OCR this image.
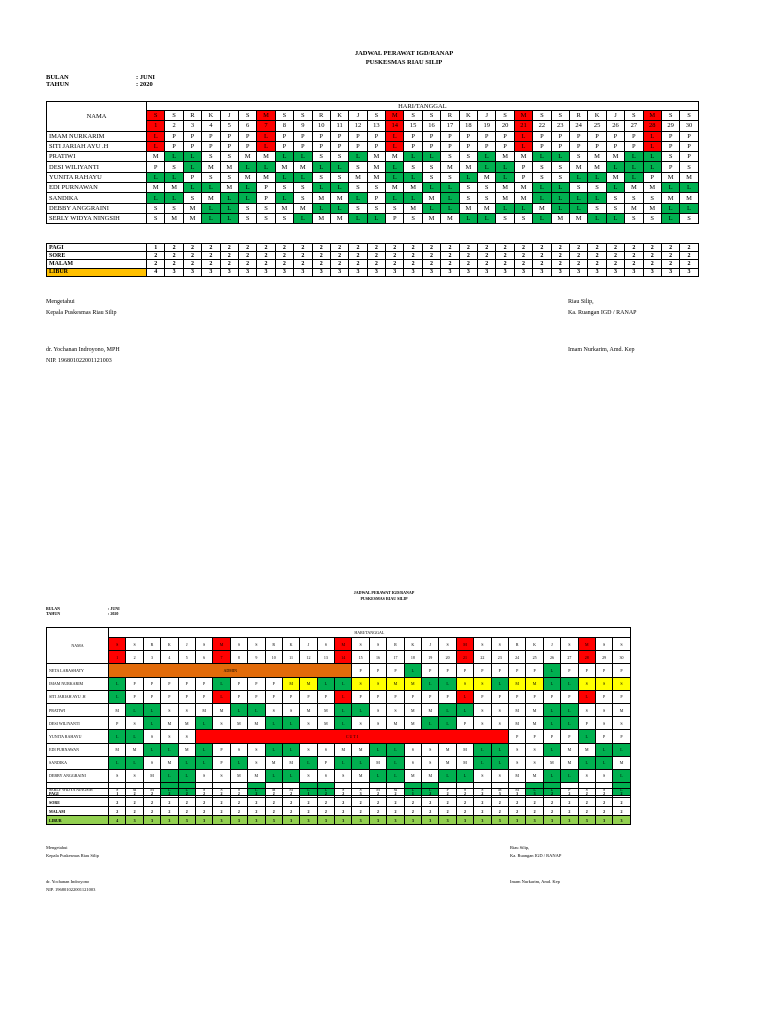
JADWAL PERAWAT IGD/RANAP
PUSKESMAS RIAU SILIP
BULAN	: JUNI
TAHUN	: 2020
NAMA	HARI/TANGGAL																													
	S	S	R	K	J	S	M	S	S	R	K	J	S	M	S	S	R	K	J	S	M	S	S	R	K	J	S	M	S	S
	1	2	3	4	5	6	7	8	9	10	11	12	13	14	15	16	17	18	19	20	21	22	23	24	25	26	27	28	29	30
IMAM NURKARIM	L	P	P	P	P	P	L	P	P	P	P	P	P	L	P	P	P	P	P	P	L	P	P	P	P	P	P	L	P	P
SITI JARIAH AYU .H	L	P	P	P	P	P	L	P	P	P	P	P	P	L	P	P	P	P	P	P	L	P	P	P	P	P	P	L	P	P
PRATIWI	M	L	L	S	S	M	M	L	L	S	S	L	M	M	L	L	S	S	L	M	M	L	L	S	M	M	L	L	S	P
DESI WILIYANTI	P	S	L	M	M	L	L	M	M	L	L	S	M	L	S	S	M	M	L	L	P	S	S	M	M	L	L	L	P	S
YUNITA RAHAYU	L	L	P	S	S	M	M	L	L	S	S	M	M	L	L	S	S	L	M	L	P	S	S	L	L	M	L	P	M	M
EDI PURNAWAN	M	M	L	L	M	L	P	S	S	L	L	S	S	M	M	L	L	S	S	M	M	L	L	S	S	L	M	M	L	L
SANDIKA	L	L	S	M	L	L	P	L	S	M	M	L	P	L	L	M	L	S	S	M	M	L	L	L	L	S	S	S	M	M
DEBBY ANGGRAINI	S	S	M	L	L	S	S	M	M	L	L	S	S	S	M	L	L	M	M	L	L	M	L	L	S	S	M	M	L	L
SERLY WIDYA NINGSIH	S	M	M	L	L	S	S	S	L	M	M	L	L	P	S	M	M	L	L	S	S	L	M	M	L	L	S	S	L	S
PAGI	1	2	2	2	2	2	2	2	2	2	2	2	2	2	2	2	2	2	2	2	2	2	2	2	2	2	2	2	2	2
SORE	2	2	2	2	2	2	2	2	2	2	2	2	2	2	2	2	2	2	2	2	2	2	2	2	2	2	2	2	2	2
MALAM	2	2	2	2	2	2	2	2	2	2	2	2	2	2	2	2	2	2	2	2	2	2	2	2	2	2	2	2	2	2
LIBUR	4	3	3	3	3	3	3	3	3	3	3	3	3	3	3	3	3	3	3	3	3	3	3	3	3	3	3	3	3	3
Mengetahui
Kepala Puskesmas Riau Silip
dr. Yochanan Indroyono, MPH
NIP. 196801022001121003
Riau Silip,
Ka. Ruangan IGD / RANAP
Imam Nurkarim, Amd. Kep
JADWAL PERAWAT IGD/RANAP
PUSKESMAS RIAU SILIP
BULAN	: JUNI
TAHUN	: 2020
NAMA	HARI/TANGGAL																													
	S	S	R	K	J	S	M	S	S	R	K	J	S	M	S	S	R	K	J	S	M	S	S	R	K	J	S	M	S	S
	1	2	3	4	5	6	7	8	9	10	11	12	13	14	15	16	17	18	19	20	21	22	23	24	25	26	27	28	29	30
NETA LARASHATY	ADMIN														P	P	P	L	P	P	P	P	P	P	P	L	P	P	P	P
IMAM NURKARIM	L	P	P	P	P	P	L	P	P	P	M	M	L	L	S	S	M	M	L	L	S	S	L	M	M	L	L	S	S	S
SITI JARIAH AYU .H	L	P	P	P	P	P	L	P	P	P	P	P	P	L	P	P	P	P	P	P	L	P	P	P	P	P	P	L	P	P
PRATIWI	M	L	L	S	S	M	M	L	L	S	S	M	M	L	L	S	S	M	M	L	L	S	S	M	M	L	L	S	S	M
DESI WILIYANTI	P	S	L	M	M	L	S	M	M	L	L	S	M	L	S	S	M	M	L	L	P	S	S	M	M	L	L	P	S	S
YUNITA RAHAYU	L	L	S	S	S	C U T I																		P	P	P	P	L	P	P
EDI PURNAWAN	M	M	L	L	M	L	P	S	S	L	L	S	S	M	M	L	L	S	S	M	M	L	L	S	S	L	M	M	L	L
SANDIKA	L	L	S	M	L	L	P	L	S	M	M	L	P	L	L	M	L	S	S	M	M	L	L	S	S	M	M	L	L	M
DEBBY ANGGRAINI	S	S	M	L	L	S	S	M	M	L	L	S	S	S	M	L	L	M	M	L	L	S	S	M	M	L	L	S	S	L
SERLY WIDYA NINGSIH	S	M	M	L	L	S	S	S	L	M	M	L	L	S	S	M	M	L	L	P	S	S	M	M	L	L	P	S	S	L
PAGI	1	2	2	2	2	2	2	2	2	2	2	1	2	2	3	2	2	1	2	2	2	2	3	3	3	2	2	2	2	2
SORE	2	2	2	2	2	2	2	2	2	2	2	2	2	2	2	2	2	2	2	2	2	2	2	2	2	2	2	2	2	2
MALAM	2	2	2	2	2	2	2	2	2	2	2	2	2	2	2	2	2	2	2	2	2	2	2	2	2	2	2	2	2	2
LIBUR	4	3	3	3	3	3	3	3	3	3	3	3	3	3	3	3	3	3	3	3	3	3	3	3	3	3	3	3	3	3
Mengetahui
Kepala Puskesmas Riau Silip
dr. Yochanan Indroyono
NIP. 196801022001121003
Riau Silip,
Ka. Ruangan IGD / RANAP
Imam Nurkarim, Amd. Kep
